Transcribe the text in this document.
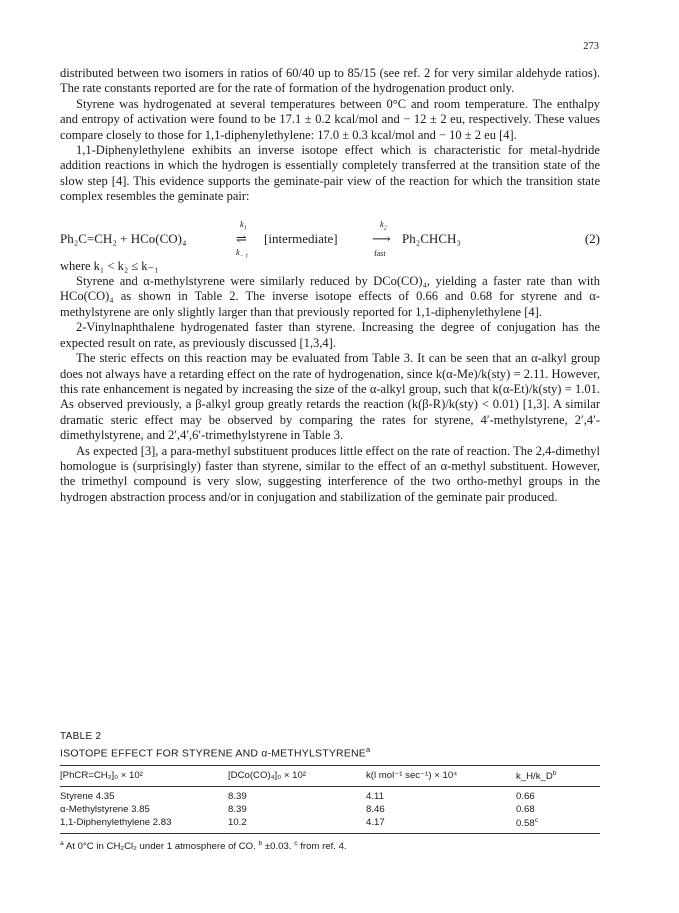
273

distributed between two isomers in ratios of 60/40 up to 85/15 (see ref. 2 for very similar aldehyde ratios). The rate constants reported are for the rate of formation of the hydrogenation product only.

Styrene was hydrogenated at several temperatures between 0°C and room temperature. The enthalpy and entropy of activation were found to be 17.1 ± 0.2 kcal/mol and − 12 ± 2 eu, respectively. These values compare closely to those for 1,1-diphenylethylene: 17.0 ± 0.3 kcal/mol and − 10 ± 2 eu [4].

1,1-Diphenylethylene exhibits an inverse isotope effect which is characteristic for metal-hydride addition reactions in which the hydrogen is essentially completely transferred at the transition state of the slow step [4]. This evidence supports the geminate-pair view of the reaction for which the transition state complex resembles the geminate pair:

Ph₂C=CH₂ + HCo(CO)₄
$k_1$
⇌
$k_{- 1}$
[intermediate]
$k_2$
⟶
fast
Ph₂CHCH₃	(2)

where k₁ < k₂ ≤ k₋₁

Styrene and α-methylstyrene were similarly reduced by DCo(CO)₄, yielding a faster rate than with HCo(CO)₄ as shown in Table 2. The inverse isotope effects of 0.66 and 0.68 for styrene and α-methylstyrene are only slightly larger than that previously reported for 1,1-diphenylethylene [4].

2-Vinylnaphthalene hydrogenated faster than styrene. Increasing the degree of conjugation has the expected result on rate, as previously discussed [1,3,4].

The steric effects on this reaction may be evaluated from Table 3. It can be seen that an α-alkyl group does not always have a retarding effect on the rate of hydrogenation, since k(α-Me)/k(sty) = 2.11. However, this rate enhancement is negated by increasing the size of the α-alkyl group, such that k(α-Et)/k(sty) = 1.01. As observed previously, a β-alkyl group greatly retards the reaction (k(β-R)/k(sty) < 0.01) [1,3]. A similar dramatic steric effect may be observed by comparing the rates for styrene, 4′-methylstyrene, 2′,4′-dimethylstyrene, and 2′,4′,6′-trimethylstyrene in Table 3.

As expected [3], a para-methyl substituent produces little effect on the rate of reaction. The 2,4-dimethyl homologue is (surprisingly) faster than styrene, similar to the effect of an α-methyl substituent. However, the trimethyl compound is very slow, suggesting interference of the two ortho-methyl groups in the hydrogen abstraction process and/or in conjugation and stabilization of the geminate pair produced.

TABLE 2
ISOTOPE EFFECT FOR STYRENE AND α-METHYLSTYRENE$^a$
[PhCR=CH₂]₀ × 10²	[DCo(CO)₄]₀ × 10²	k(l mol⁻¹ sec⁻¹) × 10⁴	$k\_H/k\_D^b$
Styrene 4.35	8.39	4.11	0.66
α-Methylstyrene 3.85	8.39	8.46	0.68
1,1-Diphenylethylene 2.83	10.2	4.17	0.58$^c$
$^a$ At 0°C in CH₂Cl₂ under 1 atmosphere of CO. $^b$ ±0.03. $^c$ from ref. 4.
